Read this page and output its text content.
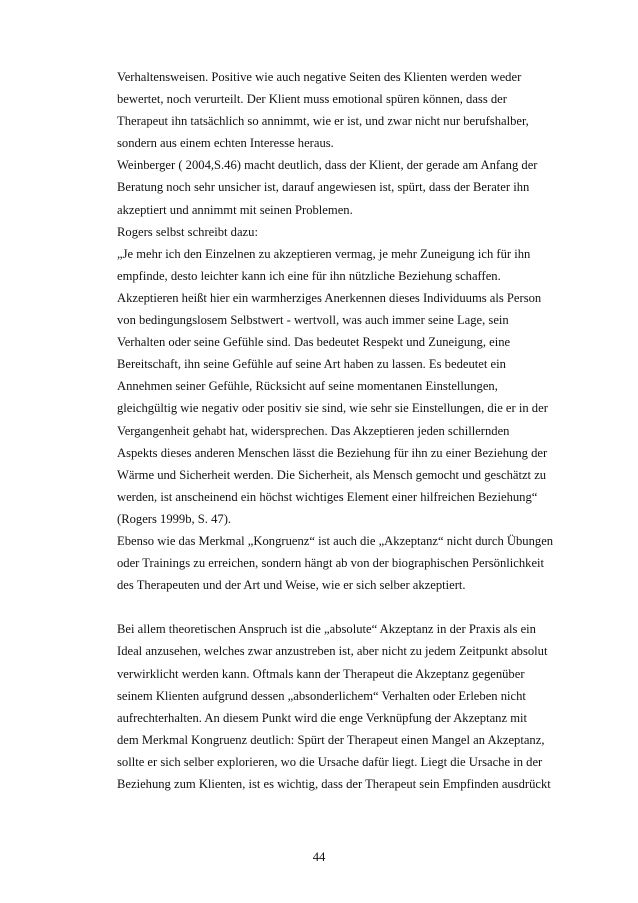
Verhaltensweisen. Positive wie auch negative Seiten des Klienten werden weder
bewertet, noch verurteilt. Der Klient muss emotional spüren können, dass der
Therapeut ihn tatsächlich so annimmt, wie er ist, und zwar nicht nur berufshalber,
sondern aus einem echten Interesse heraus.
Weinberger ( 2004,S.46) macht deutlich, dass der Klient, der gerade am Anfang der
Beratung noch sehr unsicher ist, darauf angewiesen ist, spürt, dass der Berater ihn
akzeptiert und annimmt mit seinen Problemen.
Rogers selbst schreibt dazu:
„Je mehr ich den Einzelnen zu akzeptieren vermag, je mehr Zuneigung ich für ihn
empfinde, desto leichter kann ich eine für ihn nützliche Beziehung schaffen.
Akzeptieren heißt hier ein warmherziges Anerkennen dieses Individuums als Person
von bedingungslosem Selbstwert - wertvoll, was auch immer seine Lage, sein
Verhalten oder seine Gefühle sind. Das bedeutet Respekt und Zuneigung, eine
Bereitschaft, ihn seine Gefühle auf seine Art haben zu lassen. Es bedeutet ein
Annehmen seiner Gefühle, Rücksicht auf seine momentanen Einstellungen,
gleichgültig wie negativ oder positiv sie sind, wie sehr sie Einstellungen, die er in der
Vergangenheit gehabt hat, widersprechen. Das Akzeptieren jeden schillernden
Aspekts dieses anderen Menschen lässt die Beziehung für ihn zu einer Beziehung der
Wärme und Sicherheit werden. Die Sicherheit, als Mensch gemocht und geschätzt zu
werden, ist anscheinend ein höchst wichtiges Element einer hilfreichen Beziehung“
(Rogers 1999b, S. 47).
Ebenso wie das Merkmal „Kongruenz“ ist auch die „Akzeptanz“ nicht durch Übungen
oder Trainings zu erreichen, sondern hängt ab von der biographischen Persönlichkeit
des Therapeuten und der Art und Weise, wie er sich selber akzeptiert.
Bei allem theoretischen Anspruch ist die „absolute“ Akzeptanz in der Praxis als ein
Ideal anzusehen, welches zwar anzustreben ist, aber nicht zu jedem Zeitpunkt absolut
verwirklicht werden kann. Oftmals kann der Therapeut die Akzeptanz gegenüber
seinem Klienten aufgrund dessen „absonderlichem“ Verhalten oder Erleben nicht
aufrechterhalten. An diesem Punkt wird die enge Verknüpfung der Akzeptanz mit
dem Merkmal Kongruenz deutlich: Spürt der Therapeut einen Mangel an Akzeptanz,
sollte er sich selber explorieren, wo die Ursache dafür liegt. Liegt die Ursache in der
Beziehung zum Klienten, ist es wichtig, dass der Therapeut sein Empfinden ausdrückt
44
